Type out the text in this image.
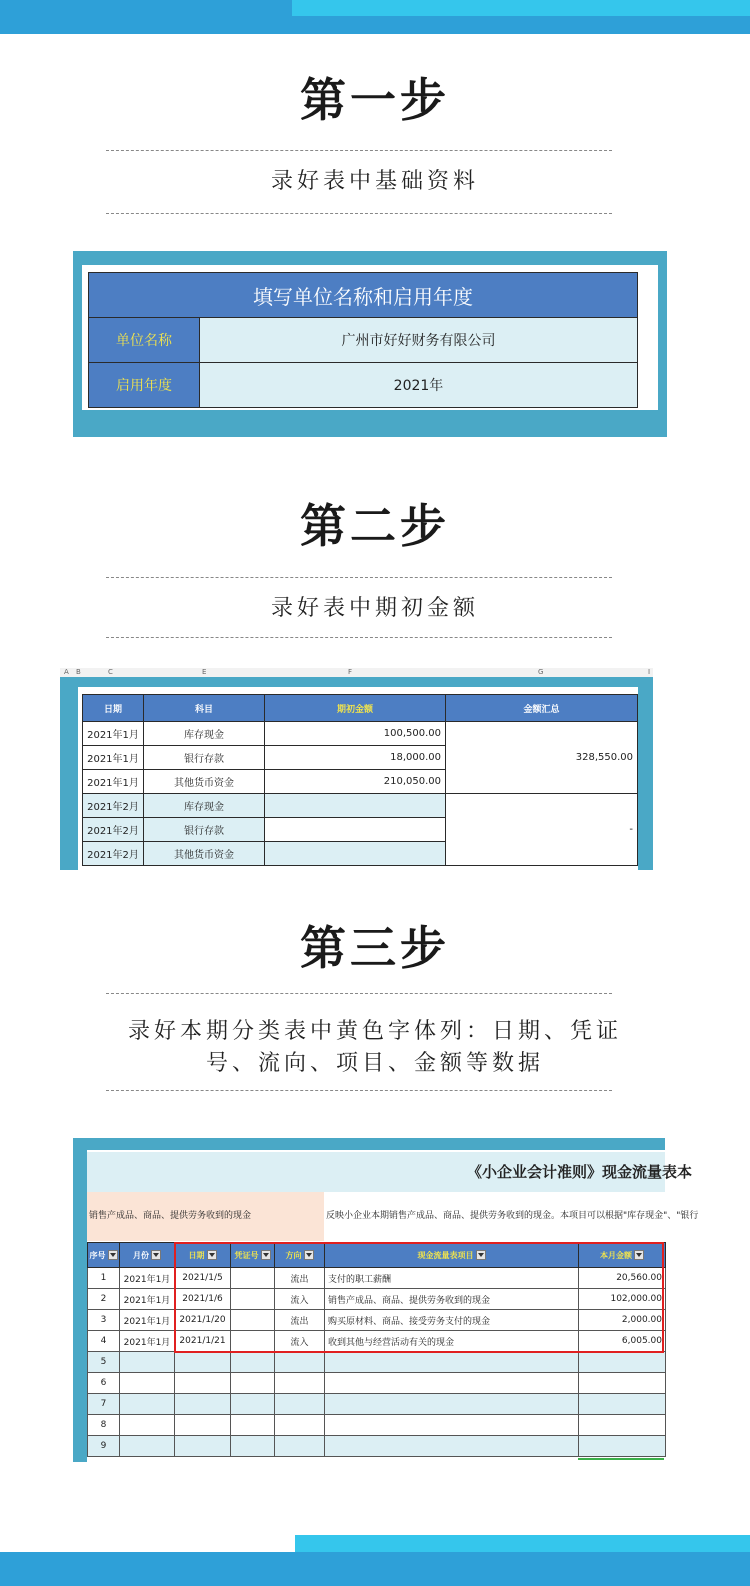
第一步
录好表中基础资料
填写单位名称和启用年度	
单位名称	广州市好好财务有限公司
启用年度	2021年
第二步
录好表中期初金额
A B	C	E	F	G	I
日期	科目	期初金额	金额汇总
2021年1月	库存现金	100,500.00	328,550.00
2021年1月	银行存款	18,000.00	
2021年1月	其他货币资金	210,050.00	
2021年2月	库存现金		-
2021年2月	银行存款		
2021年2月	其他货币资金		
第三步
录好本期分类表中黄色字体列：日期、凭证
号、流向、项目、金额等数据
《小企业会计准则》现金流量表本
销售产成品、商品、提供劳务收到的现金	反映小企业本期销售产成品、商品、提供劳务收到的现金。本项目可以根据"库存现金"、"银行
序号	月份	日期	凭证号	方向	现金流量表项目	本月金额
1	2021年1月	2021/1/5		流出	支付的职工薪酬	20,560.00
2	2021年1月	2021/1/6		流入	销售产成品、商品、提供劳务收到的现金	102,000.00
3	2021年1月	2021/1/20		流出	购买原材料、商品、接受劳务支付的现金	2,000.00
4	2021年1月	2021/1/21		流入	收到其他与经营活动有关的现金	6,005.00
5						
6						
7						
8						
9						
